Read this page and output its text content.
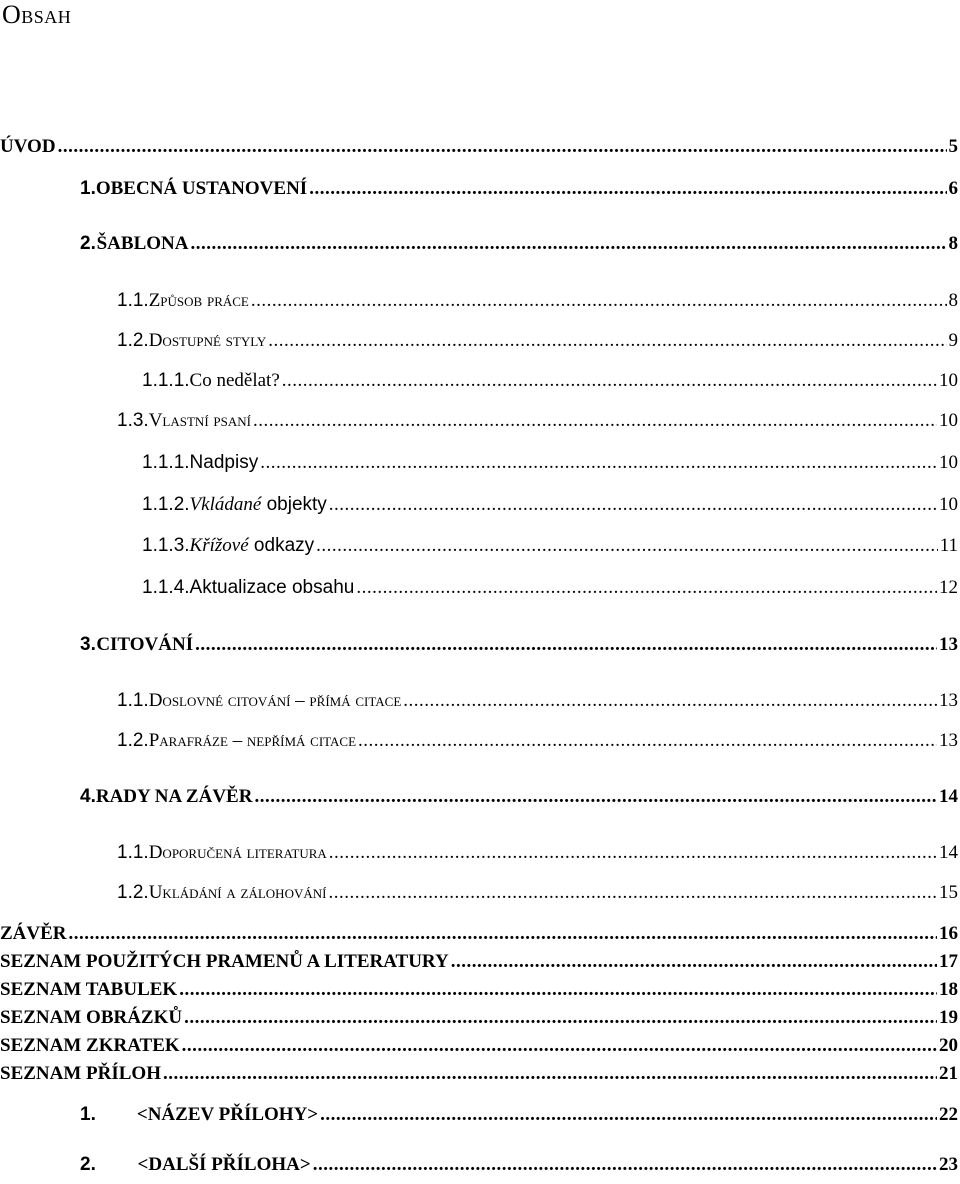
Obsah
ÚVOD .....	5
1. OBECNÁ USTANOVENÍ .....	6
2. ŠABLONA .....	8
1.1. Způsob práce .....	8
1.2. Dostupné styly .....	9
1.1.1. Co nedělat? .....	10
1.3. Vlastní psaní .....	10
1.1.1. Nadpisy .....	10
1.1.2. Vkládané objekty .....	10
1.1.3. Křížové odkazy .....	11
1.1.4. Aktualizace obsahu .....	12
3. CITOVÁNÍ .....	13
1.1. Doslovné citování – přímá citace .....	13
1.2. Parafráze – nepřímá citace .....	13
4. RADY NA ZÁVĚR .....	14
1.1. Doporučená literatura .....	14
1.2. Ukládání a zálohování .....	15
ZÁVĚR .....	16
SEZNAM POUŽITÝCH PRAMENŮ A LITERATURY .....	17
SEZNAM TABULEK .....	18
SEZNAM OBRÁZKŮ .....	19
SEZNAM ZKRATEK .....	20
SEZNAM PŘÍLOH .....	21
1.	<NÁZEV PŘÍLOHY> .....	22
2.	<DALŠÍ PŘÍLOHA> .....	23
